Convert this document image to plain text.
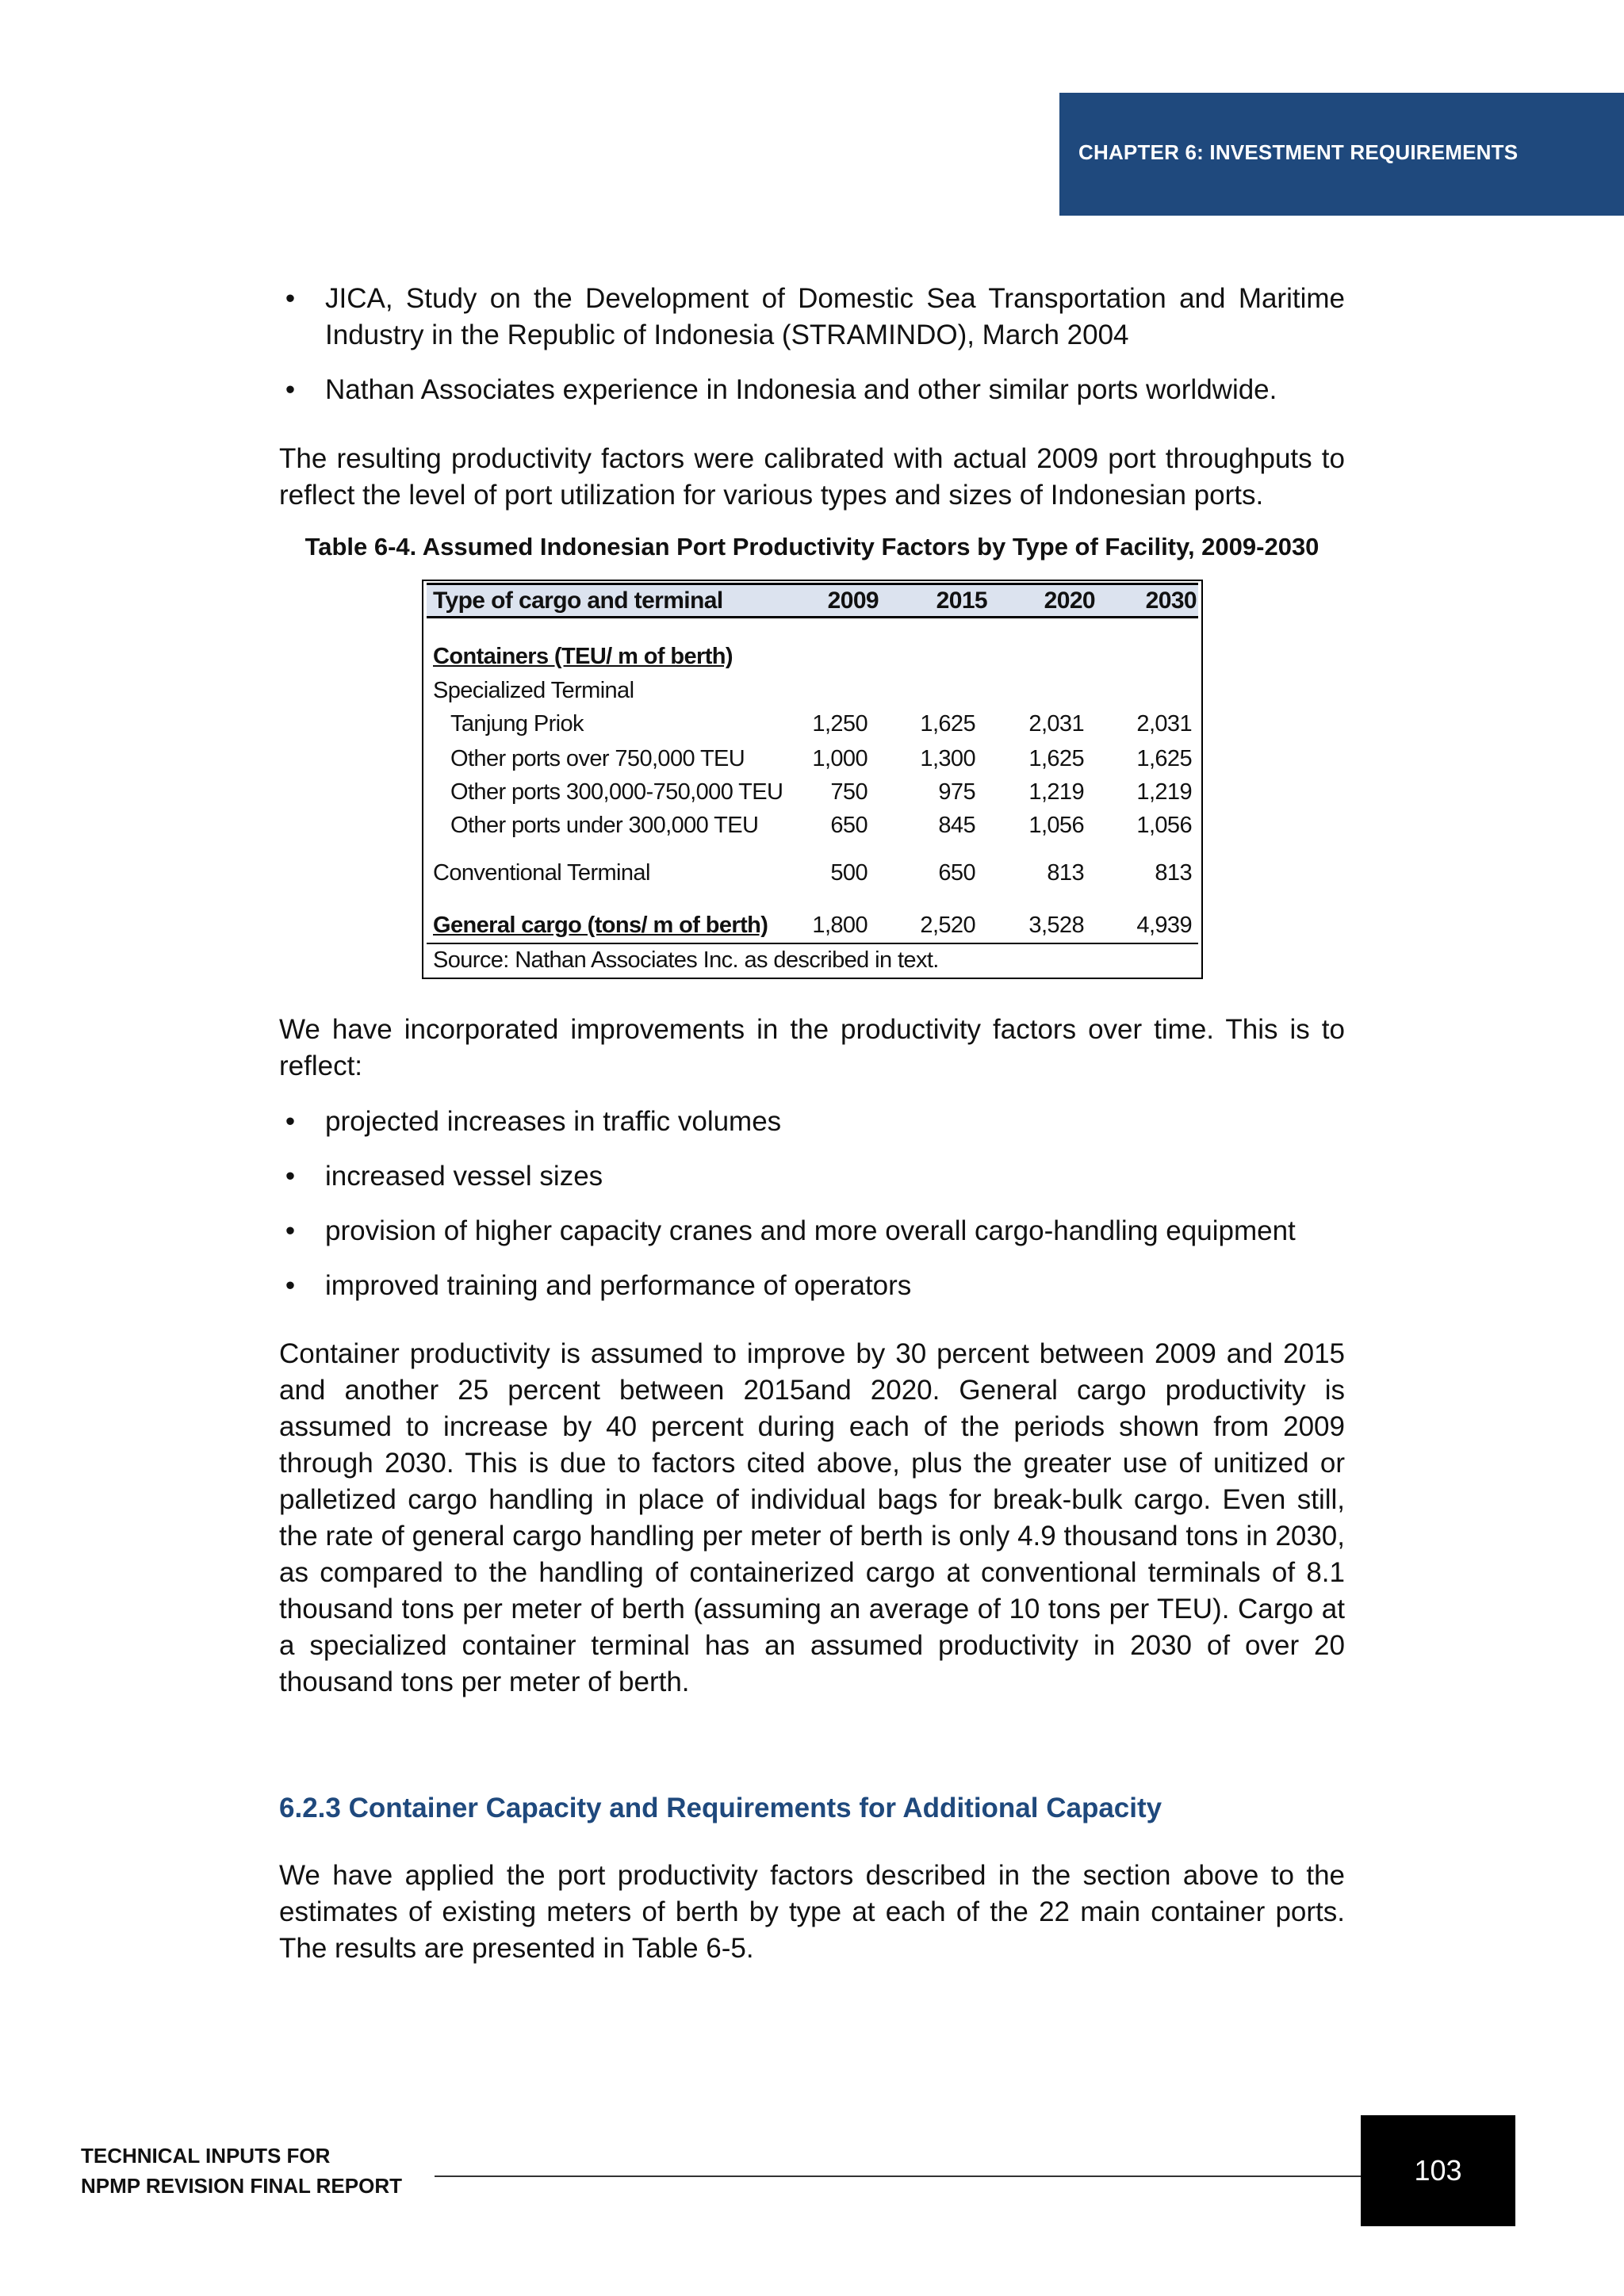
CHAPTER 6: INVESTMENT REQUIREMENTS
• JICA, Study on the Development of Domestic Sea Transportation and Maritime Industry in the Republic of Indonesia (STRAMINDO), March 2004
• Nathan Associates experience in Indonesia and other similar ports worldwide.

The resulting productivity factors were calibrated with actual 2009 port throughputs to reflect the level of port utilization for various types and sizes of Indonesian ports.

Table 6-4. Assumed Indonesian Port Productivity Factors by Type of Facility, 2009-2030
Type of cargo and terminal	2009	2015	2020	2030
Containers (TEU/ m of berth)
Specialized Terminal
Tanjung Priok	1,250	1,625	2,031	2,031
Other ports over 750,000 TEU	1,000	1,300	1,625	1,625
Other ports 300,000-750,000 TEU	750	975	1,219	1,219
Other ports under 300,000 TEU	650	845	1,056	1,056
Conventional Terminal	500	650	813	813
General cargo (tons/ m of berth)	1,800	2,520	3,528	4,939
Source: Nathan Associates Inc. as described in text.

We have incorporated improvements in the productivity factors over time. This is to reflect:

• projected increases in traffic volumes
• increased vessel sizes
• provision of higher capacity cranes and more overall cargo-handling equipment
• improved training and performance of operators

Container productivity is assumed to improve by 30 percent between 2009 and 2015 and another 25 percent between 2015and 2020. General cargo productivity is assumed to increase by 40 percent during each of the periods shown from 2009 through 2030. This is due to factors cited above, plus the greater use of unitized or palletized cargo handling in place of individual bags for break-bulk cargo. Even still, the rate of general cargo handling per meter of berth is only 4.9 thousand tons in 2030, as compared to the handling of containerized cargo at conventional terminals of 8.1 thousand tons per meter of berth (assuming an average of 10 tons per TEU). Cargo at a specialized container terminal has an assumed productivity in 2030 of over 20 thousand tons per meter of berth.

6.2.3 Container Capacity and Requirements for Additional Capacity

We have applied the port productivity factors described in the section above to the estimates of existing meters of berth by type at each of the 22 main container ports. The results are presented in Table 6-5.

TECHNICAL INPUTS FOR
NPMP REVISION FINAL REPORT	103
